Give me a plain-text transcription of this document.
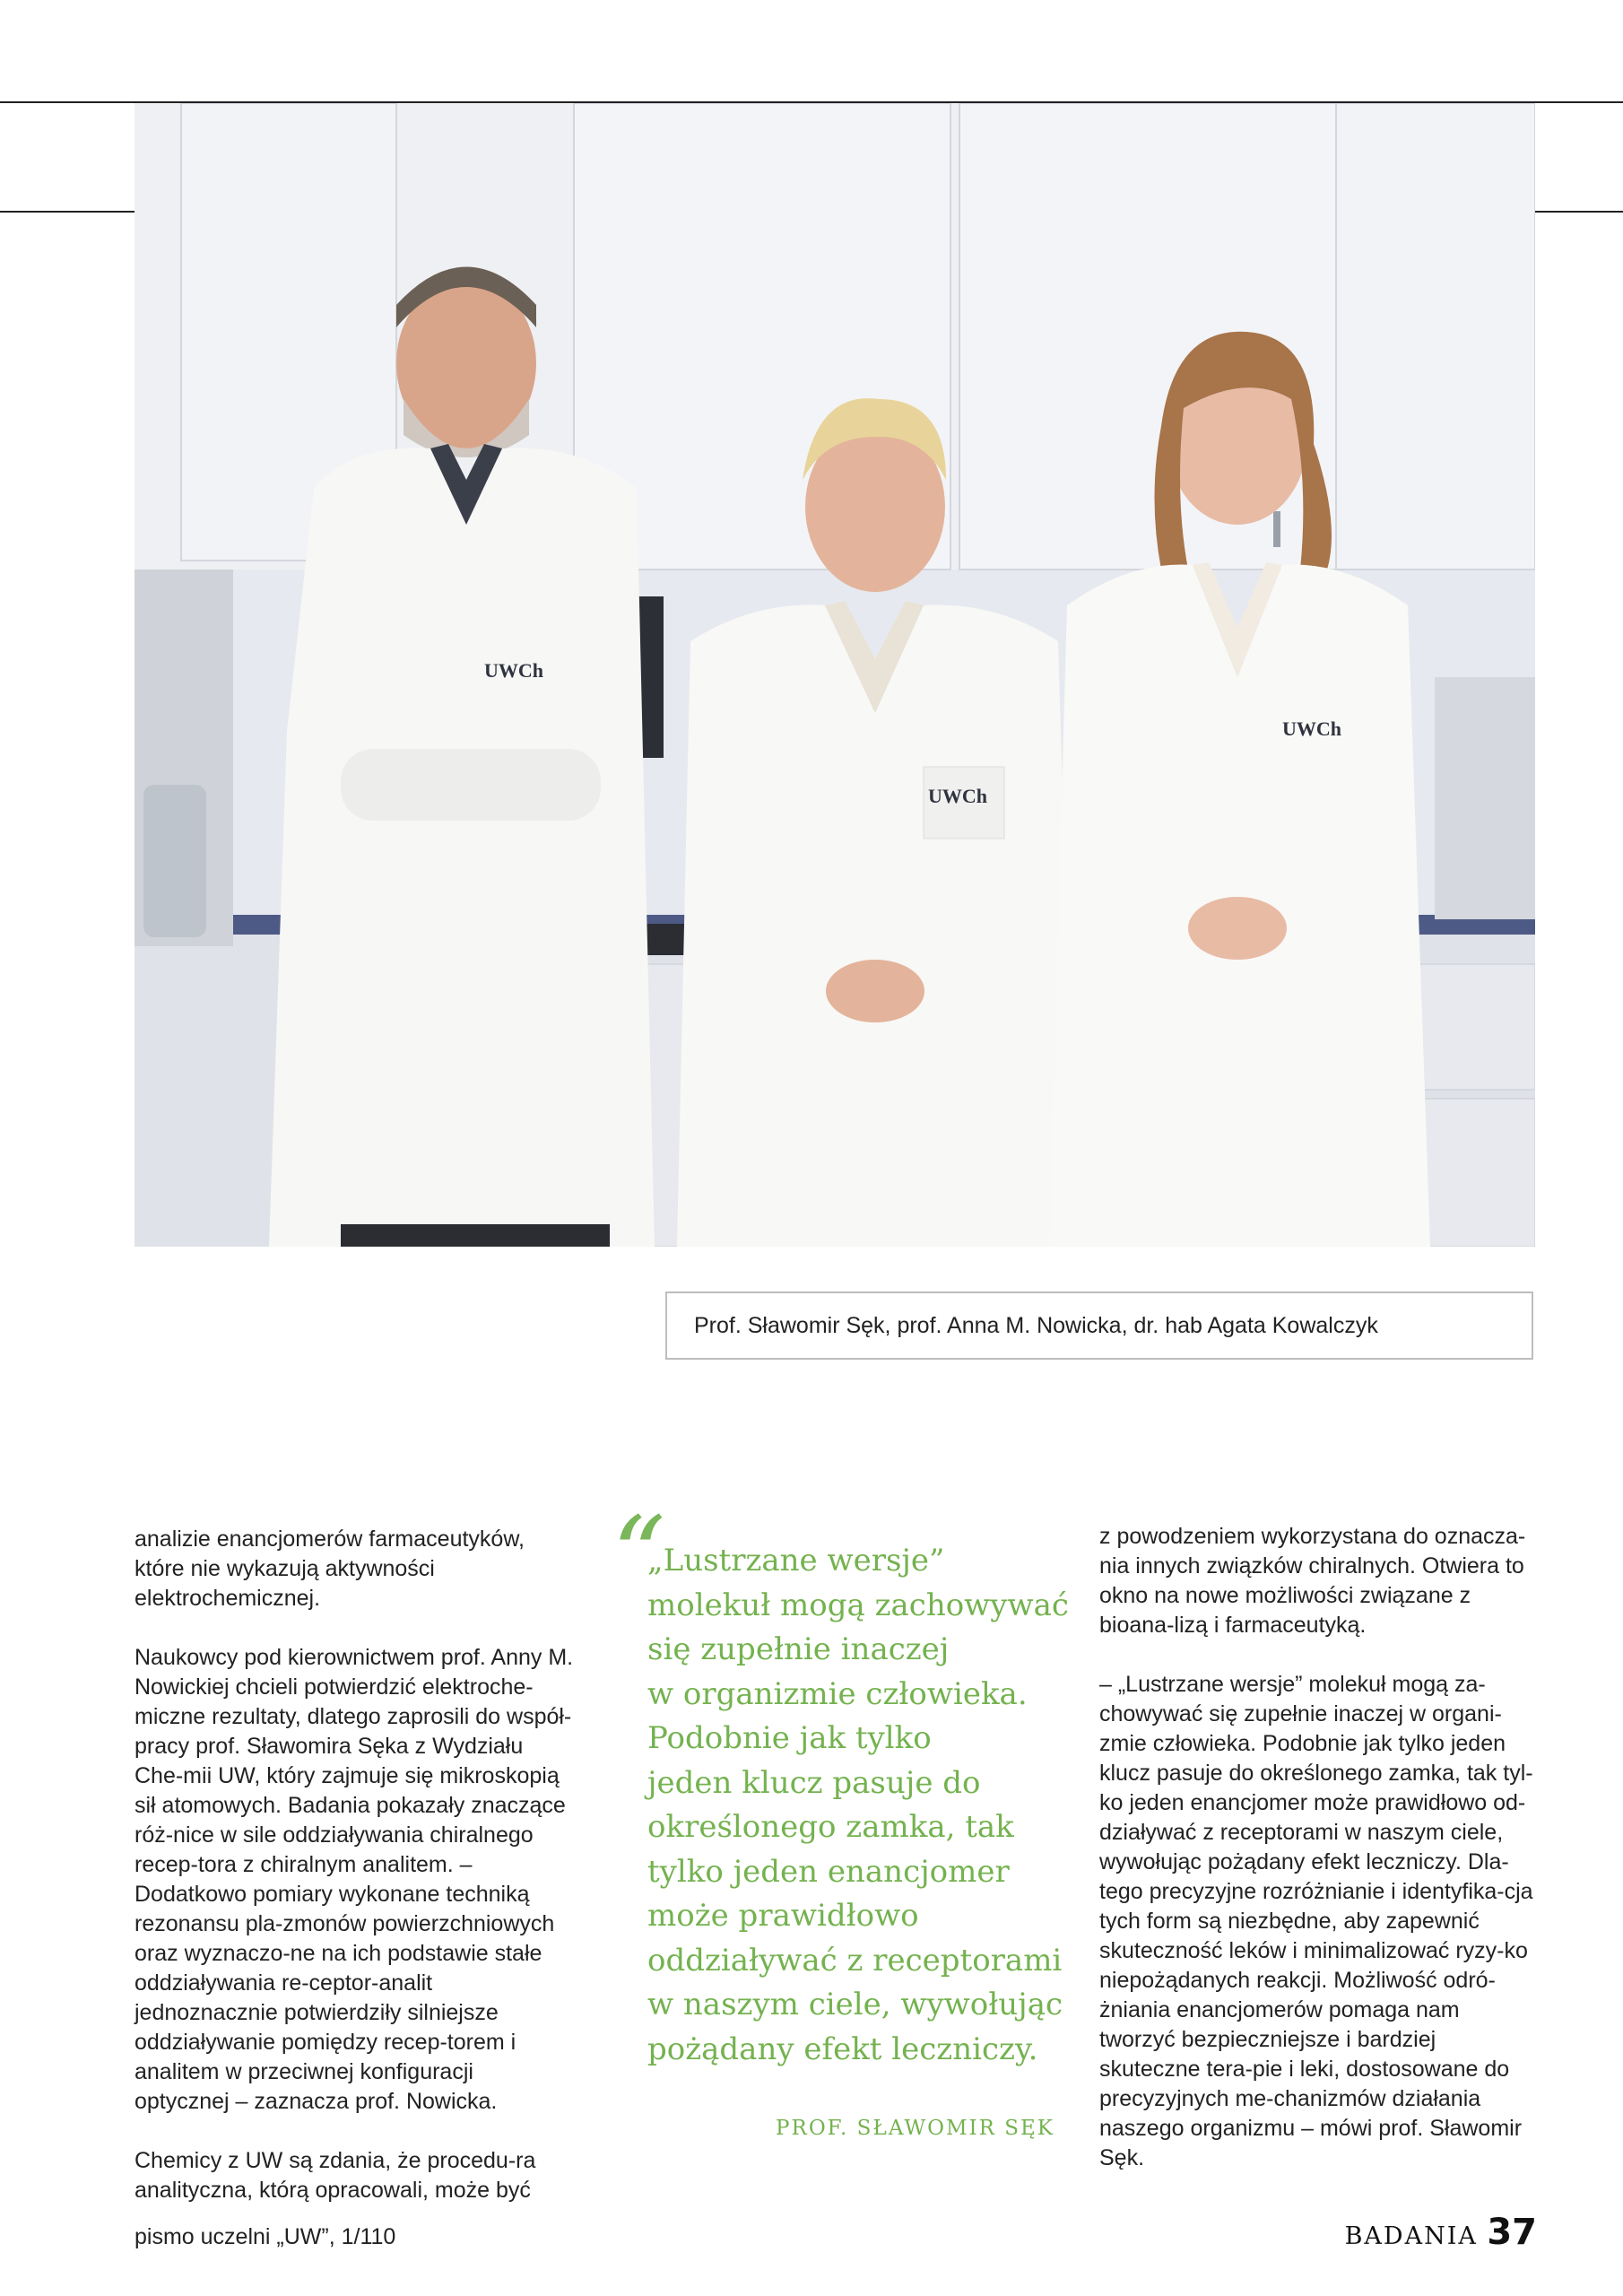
UWCh
UWCh
UWCh
Prof. Sławomir Sęk, prof. Anna M. Nowicka, dr. hab Agata Kowalczyk

analizie enancjomerów farmaceutyków, które nie wykazują aktywności elektrochemicznej.

Naukowcy pod kierownictwem prof. Anny M. Nowickiej chcieli potwierdzić elektroche-miczne rezultaty, dlatego zaprosili do współ-pracy prof. Sławomira Sęka z Wydziału Che-mii UW, który zajmuje się mikroskopią sił atomowych. Badania pokazały znaczące róż-nice w sile oddziaływania chiralnego recep-tora z chiralnym analitem. – Dodatkowo pomiary wykonane techniką rezonansu pla-zmonów powierzchniowych oraz wyznaczo-ne na ich podstawie stałe oddziaływania re-ceptor-analit jednoznacznie potwierdziły silniejsze oddziaływanie pomiędzy recep-torem i analitem w przeciwnej konfiguracji optycznej – zaznacza prof. Nowicka.

Chemicy z UW są zdania, że procedu-ra analityczna, którą opracowali, może być

“
„Lustrzane wersje”
molekuł mogą zachowywać
się zupełnie inaczej
w organizmie człowieka.
Podobnie jak tylko
jeden klucz pasuje do
określonego zamka, tak
tylko jeden enancjomer
może prawidłowo
oddziaływać z receptorami
w naszym ciele, wywołując
pożądany efekt leczniczy.
PROF. SŁAWOMIR SĘK

z powodzeniem wykorzystana do oznacza-nia innych związków chiralnych. Otwiera to okno na nowe możliwości związane z bioana-lizą i farmaceutyką.

– „Lustrzane wersje” molekuł mogą za-chowywać się zupełnie inaczej w organi-zmie człowieka. Podobnie jak tylko jeden klucz pasuje do określonego zamka, tak tyl-ko jeden enancjomer może prawidłowo od-działywać z receptorami w naszym ciele, wywołując pożądany efekt leczniczy. Dla-tego precyzyjne rozróżnianie i identyfika-cja tych form są niezbędne, aby zapewnić skuteczność leków i minimalizować ryzy-ko niepożądanych reakcji. Możliwość odró-żniania enancjomerów pomaga nam tworzyć bezpieczniejsze i bardziej skuteczne tera-pie i leki, dostosowane do precyzyjnych me-chanizmów działania naszego organizmu – mówi prof. Sławomir Sęk.

pismo uczelni „UW”, 1/110	BADANIA 37
